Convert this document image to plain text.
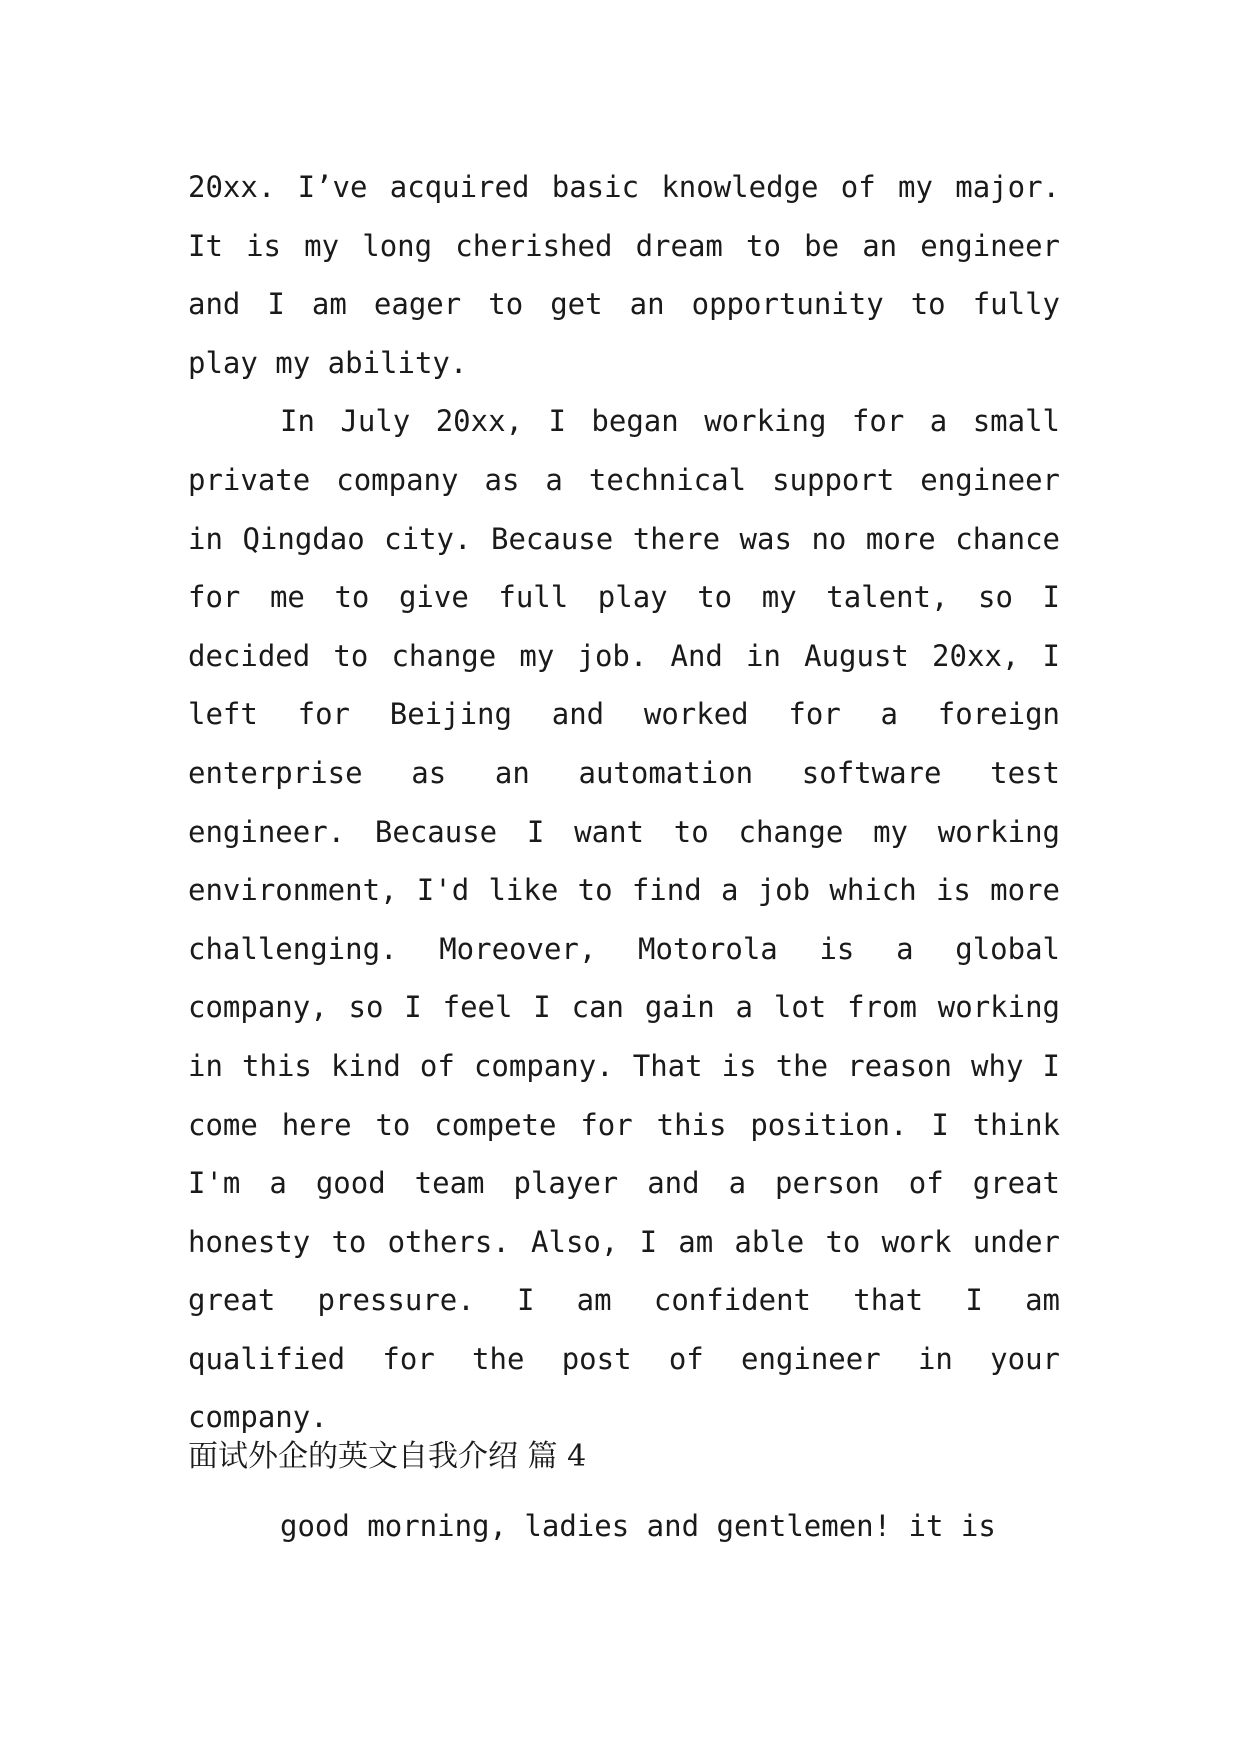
20xx. I’ve acquired basic knowledge of my major. It is my long cherished dream to be an engineer and I am eager to get an opportunity to fully play my ability.

In July 20xx, I began working for a small private company as a technical support engineer in Qingdao city. Because there was no more chance for me to give full play to my talent, so I decided to change my job. And in August 20xx, I left for Beijing and worked for a foreign enterprise as an automation software test engineer. Because I want to change my working environment, I'd like to find a job which is more challenging. Moreover, Motorola is a global company, so I feel I can gain a lot from working in this kind of company. That is the reason why I come here to compete for this position. I think I'm a good team player and a person of great honesty to others. Also, I am able to work under great pressure. I am confident that I am qualified for the post of engineer in your company.

面试外企的英文自我介绍 篇 4

good morning, ladies and gentlemen! it is
